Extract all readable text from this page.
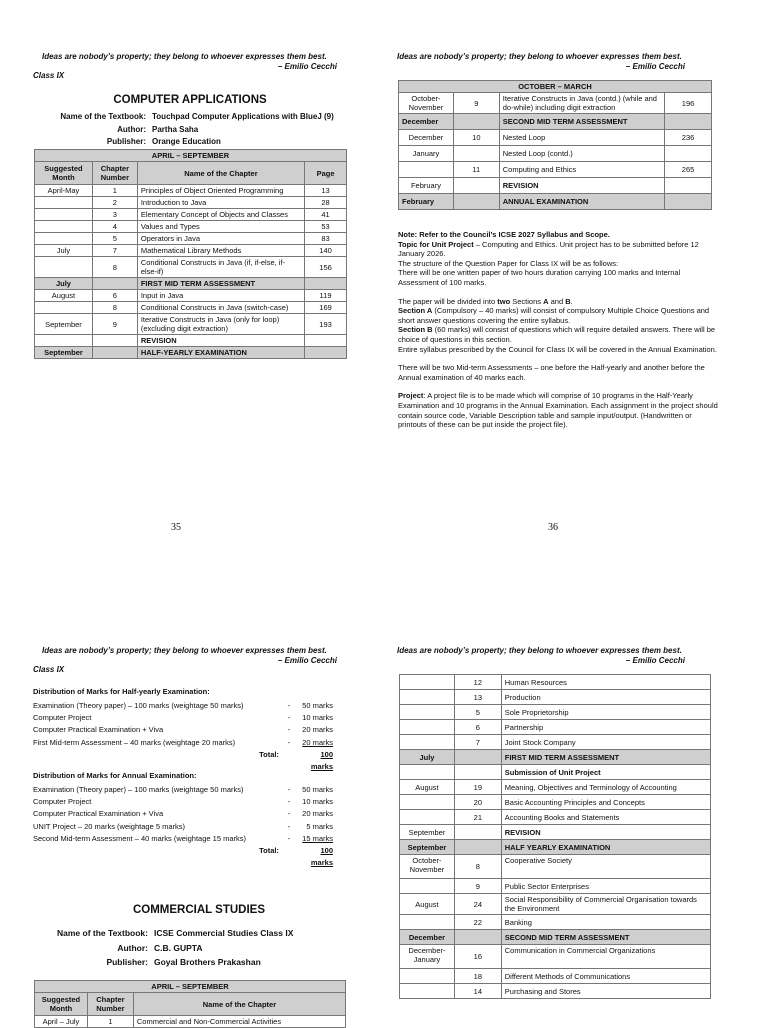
Ideas are nobody’s property; they belong to whoever expresses them best.
– Emilio Cecchi
Class IX
COMPUTER APPLICATIONS
Name of the Textbook: Touchpad Computer Applications with BlueJ (9)
Author: Partha Saha
Publisher: Orange Education
APRIL – SEPTEMBER			
Suggested Month	Chapter Number	Name of the Chapter	Page
April-May	1	Principles of Object Oriented Programming	13
	2	Introduction to Java	28
	3	Elementary Concept of Objects and Classes	41
	4	Values and Types	53
	5	Operators in Java	83
July	7	Mathematical Library Methods	140
	8	Conditional Constructs in Java (if, if-else, if-else-if)	156
July		FIRST MID TERM ASSESSMENT	
August	6	Input in Java	119
	8	Conditional Constructs in Java (switch-case)	169
September	9	Iterative Constructs in Java (only for loop) (excluding digit extraction)	193
		REVISION	
September		HALF-YEARLY EXAMINATION	
35
Ideas are nobody’s property; they belong to whoever expresses them best.
– Emilio Cecchi
OCTOBER – MARCH			
October-November	9	Iterative Constructs in Java (contd.) (while and do-while) including digit extraction	196
December		SECOND MID TERM ASSESSMENT	
December	10	Nested Loop	236
January		Nested Loop (contd.)	
	11	Computing and Ethics	265
February		REVISION	
February		ANNUAL EXAMINATION	

Note: Refer to the Council’s ICSE 2027 Syllabus and Scope.

Topic for Unit Project – Computing and Ethics. Unit project has to be submitted before 12 January 2026.

The structure of the Question Paper for Class IX will be as follows:

There will be one written paper of two hours duration carrying 100 marks and Internal Assessment of 100 marks.

The paper will be divided into two Sections A and B.

Section A (Compulsory – 40 marks) will consist of compulsory Multiple Choice Questions and short answer questions covering the entire syllabus.

Section B (60 marks) will consist of questions which will require detailed answers. There will be choice of questions in this section.

Entire syllabus prescribed by the Council for Class IX will be covered in the Annual Examination.

There will be two Mid-term Assessments – one before the Half-yearly and another before the Annual examination of 40 marks each.

Project: A project file is to be made which will comprise of 10 programs in the Half-Yearly Examination and 10 programs in the Annual Examination. Each assignment in the project should contain source code, Variable Description table and sample input/output. (Handwritten or printouts of these can be put inside the project file).

36
Ideas are nobody’s property; they belong to whoever expresses them best.
– Emilio Cecchi
Class IX
Distribution of Marks for Half-yearly Examination:
Examination (Theory paper) – 100 marks (weightage 50 marks)	-	50 marks
Computer Project	-	10 marks
Computer Practical Examination + Viva	-	20 marks
First Mid-term Assessment – 40 marks (weightage 20 marks)	-	20 marks
Total:	100 marks
Distribution of Marks for Annual Examination:
Examination (Theory paper) – 100 marks (weightage 50 marks)	-	50 marks
Computer Project	-	10 marks
Computer Practical Examination + Viva	-	20 marks
UNIT Project – 20 marks (weightage 5 marks)	-	5 marks
Second Mid-term Assessment – 40 marks (weightage 15 marks)	-	15 marks
Total:	100 marks
COMMERCIAL STUDIES
Name of the Textbook: ICSE Commercial Studies Class IX
Author: C.B. GUPTA
Publisher: Goyal Brothers Prakashan
APRIL – SEPTEMBER		
Suggested Month	Chapter Number	Name of the Chapter
April – July	1	Commercial and Non-Commercial Activities
Ideas are nobody’s property; they belong to whoever expresses them best.
– Emilio Cecchi
	12	Human Resources
	13	Production
	5	Sole Proprietorship
	6	Partnership
	7	Joint Stock Company
July		FIRST MID TERM ASSESSMENT
		Submission of Unit Project
August	19	Meaning, Objectives and Terminology of Accounting
	20	Basic Accounting Principles and Concepts
	21	Accounting Books and Statements
September		REVISION
September		HALF YEARLY EXAMINATION
October-November	8	Cooperative Society
	9	Public Sector Enterprises
August	24	Social Responsibility of Commercial Organisation towards the Environment
	22	Banking
December		SECOND MID TERM ASSESSMENT
December-January	16	Communication in Commercial Organizations
	18	Different Methods of Communications
	14	Purchasing and Stores
